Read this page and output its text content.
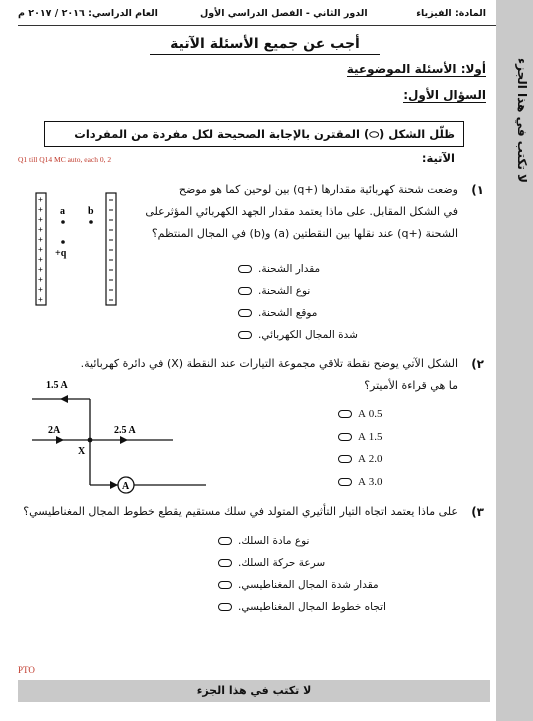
لا تكتب في هذا الجزء
المادة: الفيزياء
الدور الثاني - الفصل الدراسي الأول
العام الدراسي: ٢٠١٦ / ٢٠١٧ م
أجب عن جميع الأسئلة الآتية
أولا: الأسئلة الموضوعية
السؤال الأول:
ظلّل الشكل (⬭) المقترن بالإجابة الصحيحة لكل مفردة من المفردات الآتية:
Q1 till Q14 MC auto, each 0, 2
١)
وضعت شحنة كهربائية مقدارها (+q) بين لوحين كما هو موضح
في الشكل المقابل. على ماذا يعتمد مقدار الجهد الكهربائي المؤثرعلى
الشحنة (+q) عند نقلها بين النقطتين (a) و(b) في المجال المنتظم؟
+
+
+
+
+
+
+
+
+
+
+
a b
+q
مقدار الشحنة.
نوع الشحنة.
موقع الشحنة.
شدة المجال الكهربائي.
٢)
الشكل الآتي يوضح نقطة تلاقي مجموعة التيارات عند النقطة (X) في دائرة كهربائية.
ما هي قراءة الأميتر؟
1.5 A
2A	2.5 A
X
A
0.5 A
1.5 A
2.0 A
3.0 A
٣)
على ماذا يعتمد اتجاه التيار التأثيري المتولد في سلك مستقيم يقطع خطوط المجال المغناطيسي؟
نوع مادة السلك.
سرعة حركة السلك.
مقدار شدة المجال المغناطيسي.
اتجاه خطوط المجال المغناطيسي.
PTO
لا تكتب في هذا الجزء
